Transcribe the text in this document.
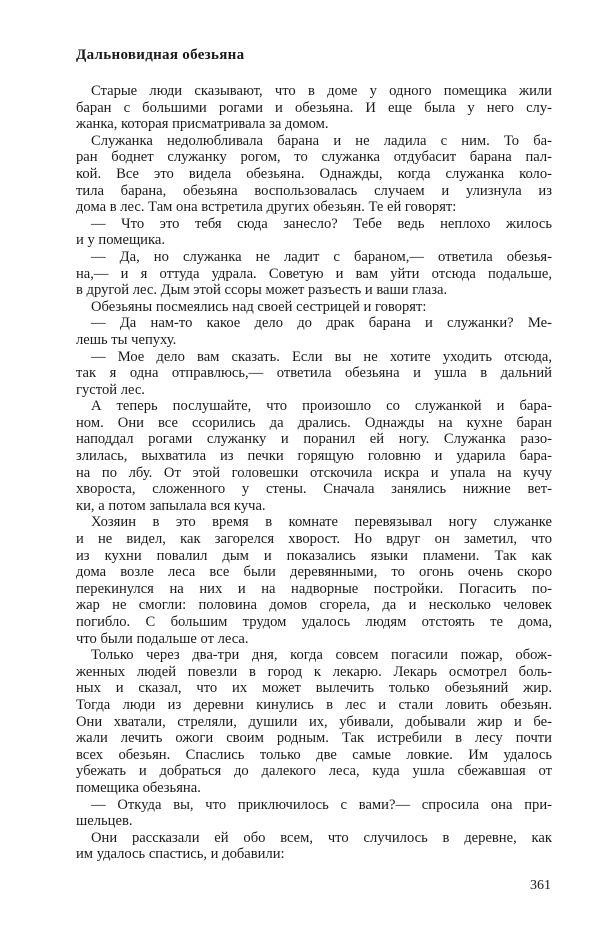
Дальновидная обезьяна
Старые люди сказывают, что в доме у одного помещика жили
баран с большими рогами и обезьяна. И еще была у него слу-
жанка, которая присматривала за домом.
Служанка недолюбливала барана и не ладила с ним. То ба-
ран боднет служанку рогом, то служанка отдубасит барана пал-
кой. Все это видела обезьяна. Однажды, когда служанка коло-
тила барана, обезьяна воспользовалась случаем и улизнула из
дома в лес. Там она встретила других обезьян. Те ей говорят:
— Что это тебя сюда занесло? Тебе ведь неплохо жилось
и у помещика.
— Да, но служанка не ладит с бараном,— ответила обезья-
на,— и я оттуда удрала. Советую и вам уйти отсюда подальше,
в другой лес. Дым этой ссоры может разъесть и ваши глаза.
Обезьяны посмеялись над своей сестрицей и говорят:
— Да нам-то какое дело до драк барана и служанки? Ме-
лешь ты чепуху.
— Мое дело вам сказать. Если вы не хотите уходить отсюда,
так я одна отправлюсь,— ответила обезьяна и ушла в дальний
густой лес.
А теперь послушайте, что произошло со служанкой и бара-
ном. Они все ссорились да дрались. Однажды на кухне баран
наподдал рогами служанку и поранил ей ногу. Служанка разо-
злилась, выхватила из печки горящую головню и ударила бара-
на по лбу. От этой головешки отскочила искра и упала на кучу
хвороста, сложенного у стены. Сначала занялись нижние вет-
ки, а потом запылала вся куча.
Хозяин в это время в комнате перевязывал ногу служанке
и не видел, как загорелся хворост. Но вдруг он заметил, что
из кухни повалил дым и показались языки пламени. Так как
дома возле леса все были деревянными, то огонь очень скоро
перекинулся на них и на надворные постройки. Погасить по-
жар не смогли: половина домов сгорела, да и несколько человек
погибло. С большим трудом удалось людям отстоять те дома,
что были подальше от леса.
Только через два-три дня, когда совсем погасили пожар, обож-
женных людей повезли в город к лекарю. Лекарь осмотрел боль-
ных и сказал, что их может вылечить только обезьяний жир.
Тогда люди из деревни кинулись в лес и стали ловить обезьян.
Они хватали, стреляли, душили их, убивали, добывали жир и бе-
жали лечить ожоги своим родным. Так истребили в лесу почти
всех обезьян. Спаслись только две самые ловкие. Им удалось
убежать и добраться до далекого леса, куда ушла сбежавшая от
помещика обезьяна.
— Откуда вы, что приключилось с вами?— спросила она при-
шельцев.
Они рассказали ей обо всем, что случилось в деревне, как
им удалось спастись, и добавили:
361
